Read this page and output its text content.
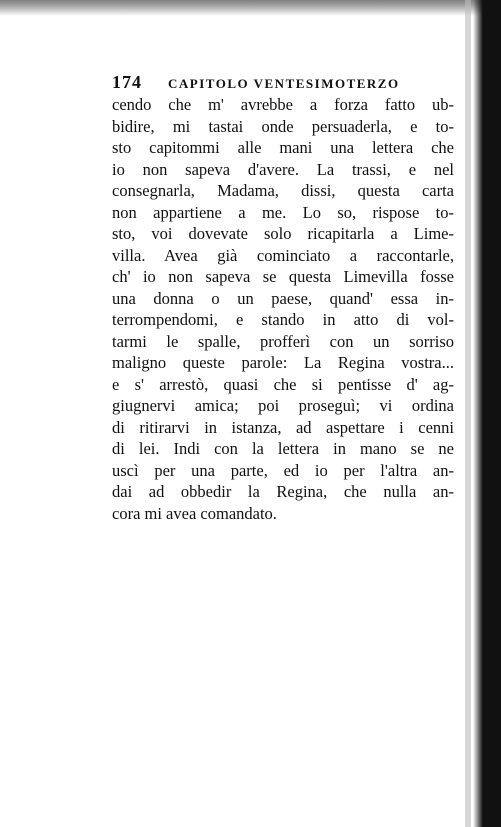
174 CAPITOLO VENTESIMOTERZO
cendo che m' avrebbe a forza fatto ub-
bidire, mi tastai onde persuaderla, e to-
sto capitommi alle mani una lettera che
io non sapeva d'avere. La trassi, e nel
consegnarla, Madama, dissi, questa carta
non appartiene a me. Lo so, rispose to-
sto, voi dovevate solo ricapitarla a Lime-
villa. Avea già cominciato a raccontarle,
ch' io non sapeva se questa Limevilla fosse
una donna o un paese, quand' essa in-
terrompendomi, e stando in atto di vol-
tarmi le spalle, profferì con un sorriso
maligno queste parole: La Regina vostra...
e s' arrestò, quasi che si pentisse d' ag-
giugnervi amica; poi proseguì; vi ordina
di ritirarvi in istanza, ad aspettare i cenni
di lei. Indi con la lettera in mano se ne
uscì per una parte, ed io per l'altra an-
dai ad obbedir la Regina, che nulla an-
cora mi avea comandato.
